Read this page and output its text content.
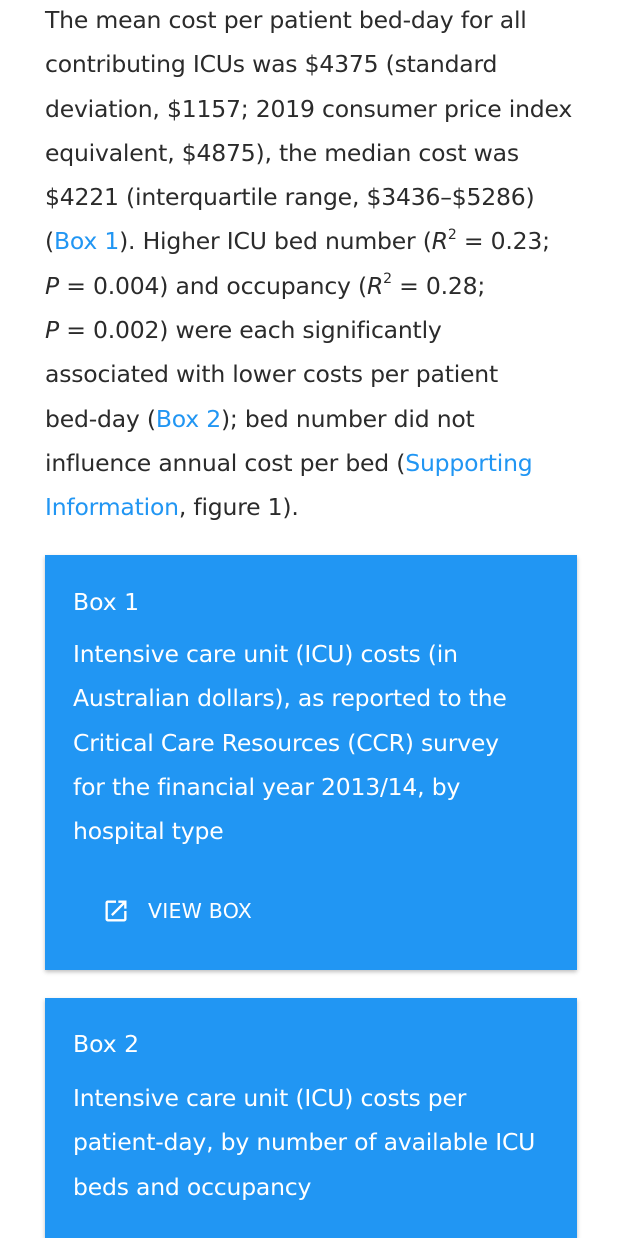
The mean cost per patient bed-day for all
contributing ICUs was $4375 (standard
deviation, $1157; 2019 consumer price index
equivalent, $4875), the median cost was
$4221 (interquartile range, $3436–$5286)
(Box 1). Higher ICU bed number ($R^2 = 0.23$;
P = 0.004) and occupancy ($R^2 = 0.28$;
P = 0.002) were each significantly
associated with lower costs per patient
bed-day (Box 2); bed number did not
influence annual cost per bed (Supporting
Information, figure 1).

Box 1
Intensive care unit (ICU) costs (in
Australian dollars), as reported to the
Critical Care Resources (CCR) survey
for the financial year 2013/14, by
hospital type
VIEW BOX
Box 2
Intensive care unit (ICU) costs per
patient-day, by number of available ICU
beds and occupancy
